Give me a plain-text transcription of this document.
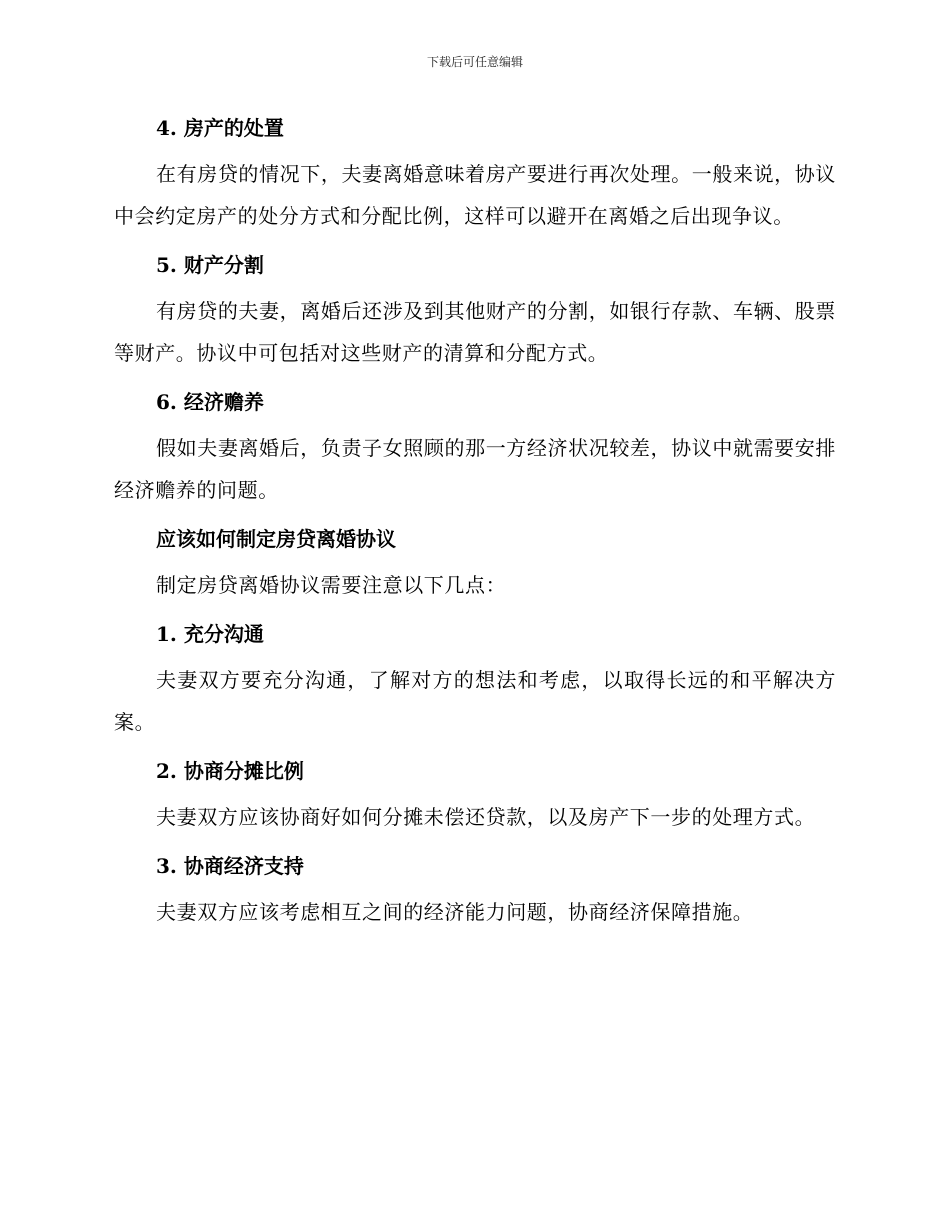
下载后可任意编辑
4. 房产的处置
在有房贷的情况下，夫妻离婚意味着房产要进行再次处理。一般来说，协议中会约定房产的处分方式和分配比例，这样可以避开在离婚之后出现争议。
5. 财产分割
有房贷的夫妻，离婚后还涉及到其他财产的分割，如银行存款、车辆、股票等财产。协议中可包括对这些财产的清算和分配方式。
6. 经济赡养
假如夫妻离婚后，负责子女照顾的那一方经济状况较差，协议中就需要安排经济赡养的问题。
应该如何制定房贷离婚协议
制定房贷离婚协议需要注意以下几点：
1. 充分沟通
夫妻双方要充分沟通，了解对方的想法和考虑，以取得长远的和平解决方案。
2. 协商分摊比例
夫妻双方应该协商好如何分摊未偿还贷款，以及房产下一步的处理方式。
3. 协商经济支持
夫妻双方应该考虑相互之间的经济能力问题，协商经济保障措施。
